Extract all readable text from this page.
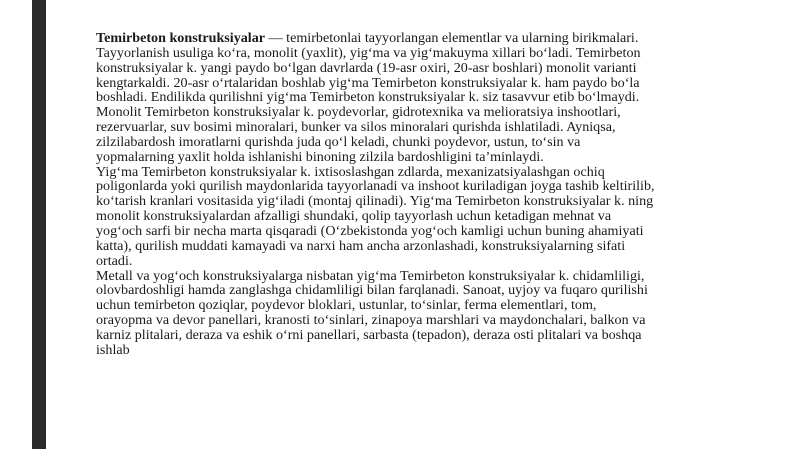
Temirbeton konstruksiyalar — temirbetonlai tayyorlangan elementlar va ularning birikmalari.
Tayyorlanish usuliga ko‘ra, monolit (yaxlit), yig‘ma va yig‘makuyma xillari bo‘ladi. Temirbeton
konstruksiyalar k. yangi paydo bo‘lgan davrlarda (19-asr oxiri, 20-asr boshlari) monolit varianti
kengtarkaldi. 20-asr o‘rtalaridan boshlab yig‘ma Temirbeton konstruksiyalar k. ham paydo bo‘la
boshladi. Endilikda qurilishni yig‘ma Temirbeton konstruksiyalar k. siz tasavvur etib bo‘lmaydi.
Monolit Temirbeton konstruksiyalar k. poydevorlar, gidrotexnika va melioratsiya inshootlari,
rezervuarlar, suv bosimi minoralari, bunker va silos minoralari qurishda ishlatiladi. Ayniqsa,
zilzilabardosh imoratlarni qurishda juda qo‘l keladi, chunki poydevor, ustun, to‘sin va
yopmalarning yaxlit holda ishlanishi binoning zilzila bardoshligini ta’minlaydi.
Yig‘ma Temirbeton konstruksiyalar k. ixtisoslashgan zdlarda, mexanizatsiyalashgan ochiq
poligonlarda yoki qurilish maydonlarida tayyorlanadi va inshoot kuriladigan joyga tashib keltirilib,
ko‘tarish kranlari vositasida yig‘iladi (montaj qilinadi). Yig‘ma Temirbeton konstruksiyalar k. ning
monolit konstruksiyalardan afzalligi shundaki, qolip tayyorlash uchun ketadigan mehnat va
yog‘och sarfi bir necha marta qisqaradi (O‘zbekistonda yog‘och kamligi uchun buning ahamiyati
katta), qurilish muddati kamayadi va narxi ham ancha arzonlashadi, konstruksiyalarning sifati
ortadi.
Metall va yog‘och konstruksiyalarga nisbatan yig‘ma Temirbeton konstruksiyalar k. chidamliligi,
olovbardoshligi hamda zanglashga chidamliligi bilan farqlanadi. Sanoat, uyjoy va fuqaro qurilishi
uchun temirbeton qoziqlar, poydevor bloklari, ustunlar, to‘sinlar, ferma elementlari, tom,
orayopma va devor panellari, kranosti to‘sinlari, zinapoya marshlari va maydonchalari, balkon va
karniz plitalari, deraza va eshik o‘rni panellari, sarbasta (tepadon), deraza osti plitalari va boshqa
ishlab
